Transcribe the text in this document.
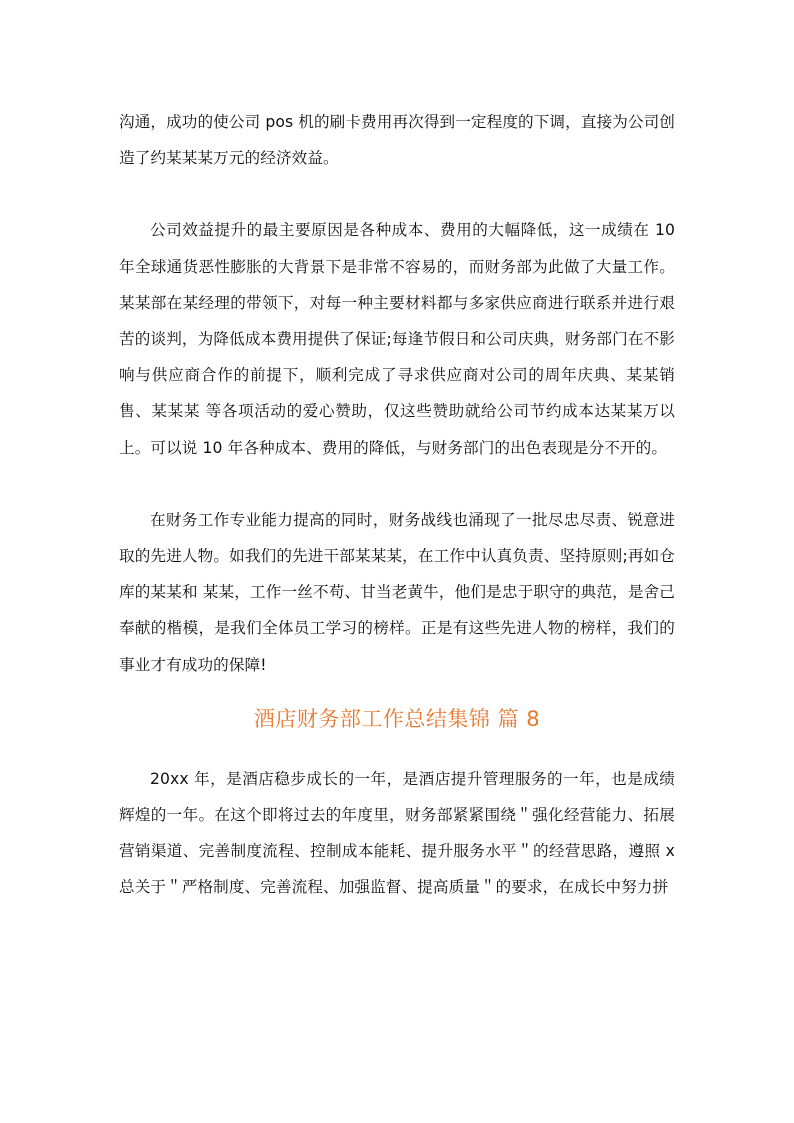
沟通，成功的使公司 pos 机的刷卡费用再次得到一定程度的下调，直接为公司创造了约某某某万元的经济效益。

公司效益提升的最主要原因是各种成本、费用的大幅降低，这一成绩在 10 年全球通货恶性膨胀的大背景下是非常不容易的，而财务部为此做了大量工作。某某部在某经理的带领下，对每一种主要材料都与多家供应商进行联系并进行艰苦的谈判，为降低成本费用提供了保证;每逢节假日和公司庆典，财务部门在不影响与供应商合作的前提下，顺利完成了寻求供应商对公司的周年庆典、某某销售、某某某 等各项活动的爱心赞助，仅这些赞助就给公司节约成本达某某万以上。可以说 10 年各种成本、费用的降低，与财务部门的出色表现是分不开的。

在财务工作专业能力提高的同时，财务战线也涌现了一批尽忠尽责、锐意进取的先进人物。如我们的先进干部某某某，在工作中认真负责、坚持原则;再如仓库的某某和 某某，工作一丝不苟、甘当老黄牛，他们是忠于职守的典范，是舍己奉献的楷模，是我们全体员工学习的榜样。正是有这些先进人物的榜样，我们的事业才有成功的保障!

酒店财务部工作总结集锦 篇 8

20xx 年，是酒店稳步成长的一年，是酒店提升管理服务的一年，也是成绩辉煌的一年。在这个即将过去的年度里，财务部紧紧围绕＂强化经营能力、拓展营销渠道、完善制度流程、控制成本能耗、提升服务水平＂的经营思路，遵照 x 总关于＂严格制度、完善流程、加强监督、提高质量＂的要求，在成长中努力拼
